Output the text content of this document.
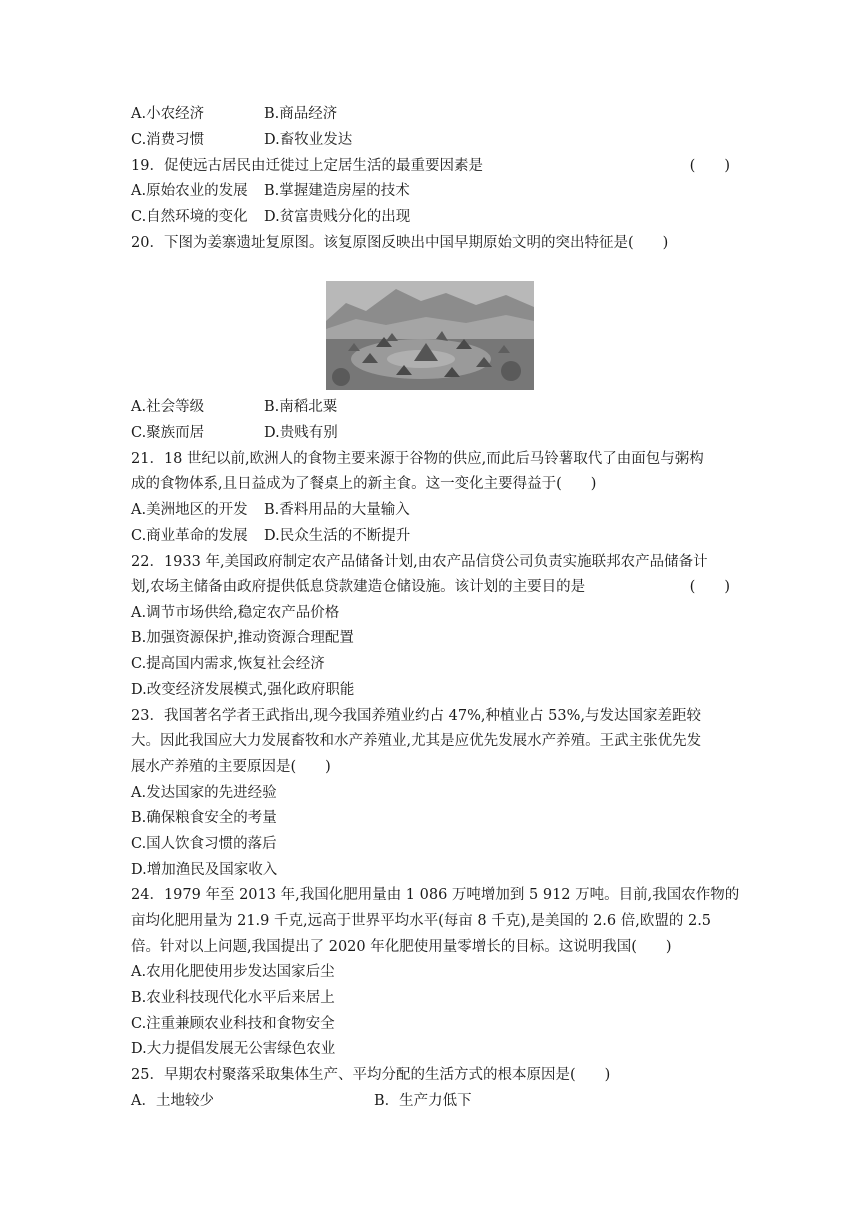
A.小农经济	B.商品经济
C.消费习惯	D.畜牧业发达
19．促使远古居民由迁徙过上定居生活的最重要因素是	(　　)
A.原始农业的发展 B.掌握建造房屋的技术
C.自然环境的变化 D.贫富贵贱分化的出现
20．下图为姜寨遗址复原图。该复原图反映出中国早期原始文明的突出特征是(　　)
A.社会等级	B.南稻北粟
C.聚族而居	D.贵贱有别
21．18 世纪以前,欧洲人的食物主要来源于谷物的供应,而此后马铃薯取代了由面包与粥构
成的食物体系,且日益成为了餐桌上的新主食。这一变化主要得益于(　　)
A.美洲地区的开发 B.香料用品的大量输入
C.商业革命的发展 D.民众生活的不断提升
22．1933 年,美国政府制定农产品储备计划,由农产品信贷公司负责实施联邦农产品储备计
划,农场主储备由政府提供低息贷款建造仓储设施。该计划的主要目的是	(　　)
A.调节市场供给,稳定农产品价格
B.加强资源保护,推动资源合理配置
C.提高国内需求,恢复社会经济
D.改变经济发展模式,强化政府职能
23．我国著名学者王武指出,现今我国养殖业约占 47%,种植业占 53%,与发达国家差距较
大。因此我国应大力发展畜牧和水产养殖业,尤其是应优先发展水产养殖。王武主张优先发
展水产养殖的主要原因是(　　)
A.发达国家的先进经验
B.确保粮食安全的考量
C.国人饮食习惯的落后
D.增加渔民及国家收入
24．1979 年至 2013 年,我国化肥用量由 1 086 万吨增加到 5 912 万吨。目前,我国农作物的
亩均化肥用量为 21.9 千克,远高于世界平均水平(每亩 8 千克),是美国的 2.6 倍,欧盟的 2.5
倍。针对以上问题,我国提出了 2020 年化肥使用量零增长的目标。这说明我国(　　)
A.农用化肥使用步发达国家后尘
B.农业科技现代化水平后来居上
C.注重兼顾农业科技和食物安全
D.大力提倡发展无公害绿色农业
25．早期农村聚落采取集体生产、平均分配的生活方式的根本原因是(　　)
A．土地较少	B．生产力低下
